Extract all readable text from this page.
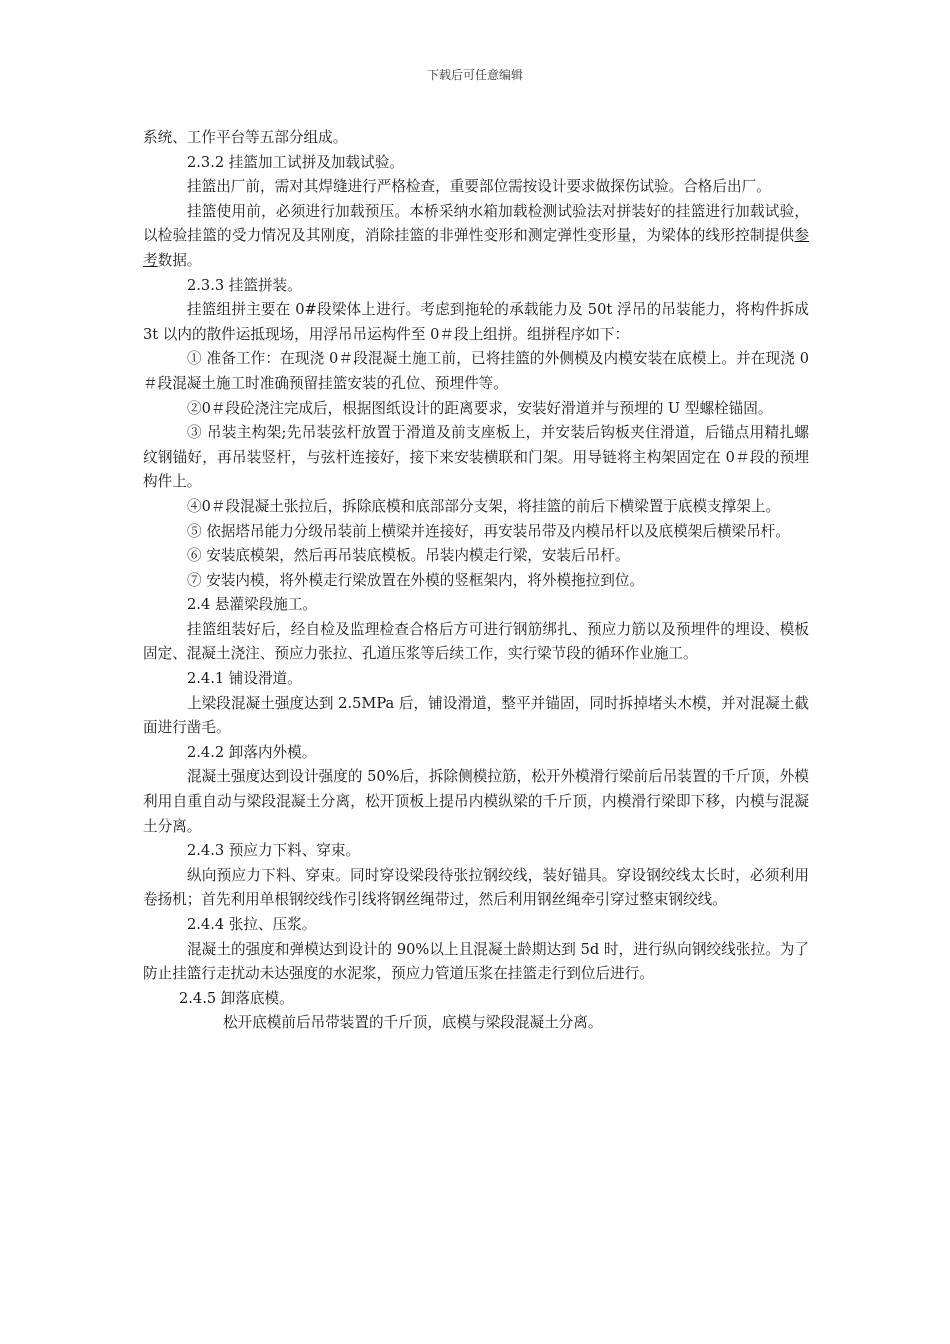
下载后可任意编辑

系统、工作平台等五部分组成。

2.3.2 挂篮加工试拼及加载试验。

挂篮出厂前，需对其焊缝进行严格检查，重要部位需按设计要求做探伤试验。合格后出厂。

挂篮使用前，必须进行加载预压。本桥采纳水箱加载检测试验法对拼装好的挂篮进行加载试验，以检验挂篮的受力情况及其刚度，消除挂篮的非弹性变形和测定弹性变形量，为梁体的线形控制提供参考数据。

2.3.3 挂篮拼装。

挂篮组拼主要在 0#段梁体上进行。考虑到拖轮的承载能力及 50t 浮吊的吊装能力，将构件拆成 3t 以内的散件运抵现场，用浮吊吊运构件至 0＃段上组拼。组拼程序如下：

① 准备工作：在现浇 0＃段混凝土施工前，已将挂篮的外侧模及内模安装在底模上。并在现浇 0＃段混凝土施工时准确预留挂篮安装的孔位、预埋件等。

②0＃段砼浇注完成后，根据图纸设计的距离要求，安装好滑道并与预埋的 U 型螺栓锚固。

③ 吊装主构架;先吊装弦杆放置于滑道及前支座板上，并安装后钩板夹住滑道，后锚点用精扎螺纹钢锚好，再吊装竖杆，与弦杆连接好，接下来安装横联和门架。用导链将主构架固定在 0＃段的预埋构件上。

④0＃段混凝土张拉后，拆除底模和底部部分支架，将挂篮的前后下横梁置于底模支撑架上。

⑤ 依据塔吊能力分级吊装前上横梁并连接好，再安装吊带及内模吊杆以及底模架后横梁吊杆。

⑥ 安装底模架，然后再吊装底模板。吊装内模走行梁，安装后吊杆。

⑦ 安装内模，将外模走行梁放置在外模的竖框架内，将外模拖拉到位。

2.4 悬灌梁段施工。

挂篮组装好后，经自检及监理检查合格后方可进行钢筋绑扎、预应力筋以及预埋件的埋设、模板固定、混凝土浇注、预应力张拉、孔道压浆等后续工作，实行梁节段的循环作业施工。

2.4.1 铺设滑道。

上梁段混凝土强度达到 2.5MPa 后，铺设滑道，整平并锚固，同时拆掉堵头木模，并对混凝土截面进行凿毛。

2.4.2 卸落内外模。

混凝土强度达到设计强度的 50%后，拆除侧模拉筋，松开外模滑行梁前后吊装置的千斤顶，外模利用自重自动与梁段混凝土分离，松开顶板上提吊内模纵梁的千斤顶，内模滑行梁即下移，内模与混凝土分离。

2.4.3 预应力下料、穿束。

纵向预应力下料、穿束。同时穿设梁段待张拉钢绞线，装好锚具。穿设钢绞线太长时，必须利用卷扬机；首先利用单根钢绞线作引线将钢丝绳带过，然后利用钢丝绳牵引穿过整束钢绞线。

2.4.4 张拉、压浆。

混凝土的强度和弹模达到设计的 90%以上且混凝土龄期达到 5d 时，进行纵向钢绞线张拉。为了防止挂篮行走扰动未达强度的水泥浆，预应力管道压浆在挂篮走行到位后进行。

2.4.5 卸落底模。

松开底模前后吊带装置的千斤顶，底模与梁段混凝土分离。
